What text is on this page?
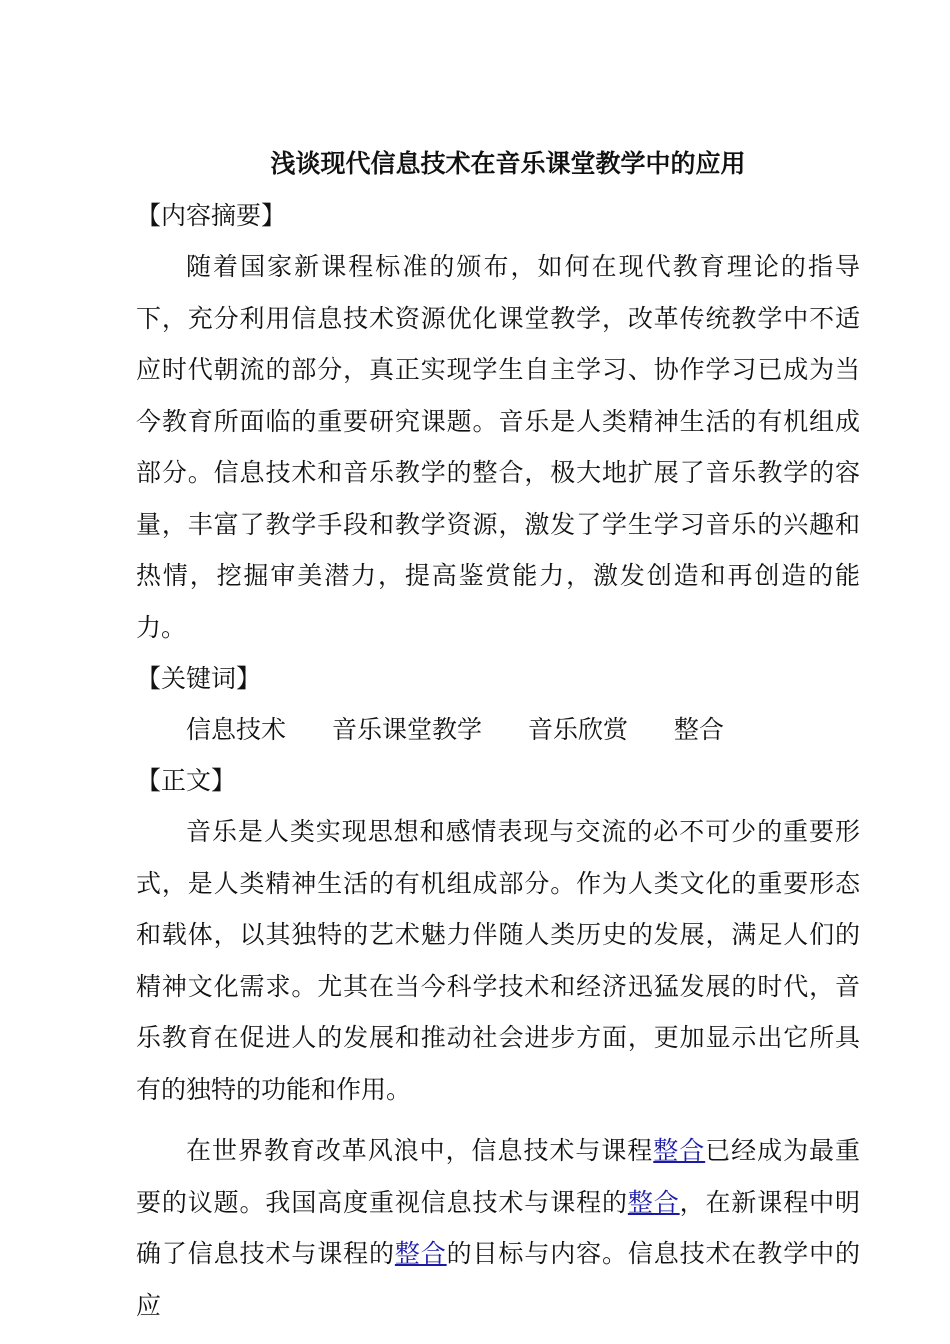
浅谈现代信息技术在音乐课堂教学中的应用

【内容摘要】

随着国家新课程标准的颁布，如何在现代教育理论的指导下，充分利用信息技术资源优化课堂教学，改革传统教学中不适应时代朝流的部分，真正实现学生自主学习、协作学习已成为当今教育所面临的重要研究课题。音乐是人类精神生活的有机组成部分。信息技术和音乐教学的整合，极大地扩展了音乐教学的容量，丰富了教学手段和教学资源，激发了学生学习音乐的兴趣和热情，挖掘审美潜力，提高鉴赏能力，激发创造和再创造的能力。

【关键词】

信息技术 音乐课堂教学 音乐欣赏 整合

【正文】

音乐是人类实现思想和感情表现与交流的必不可少的重要形式，是人类精神生活的有机组成部分。作为人类文化的重要形态和载体，以其独特的艺术魅力伴随人类历史的发展，满足人们的精神文化需求。尤其在当今科学技术和经济迅猛发展的时代，音乐教育在促进人的发展和推动社会进步方面，更加显示出它所具有的独特的功能和作用。

在世界教育改革风浪中，信息技术与课程整合已经成为最重要的议题。我国高度重视信息技术与课程的整合，在新课程中明确了信息技术与课程的整合的目标与内容。信息技术在教学中的应
